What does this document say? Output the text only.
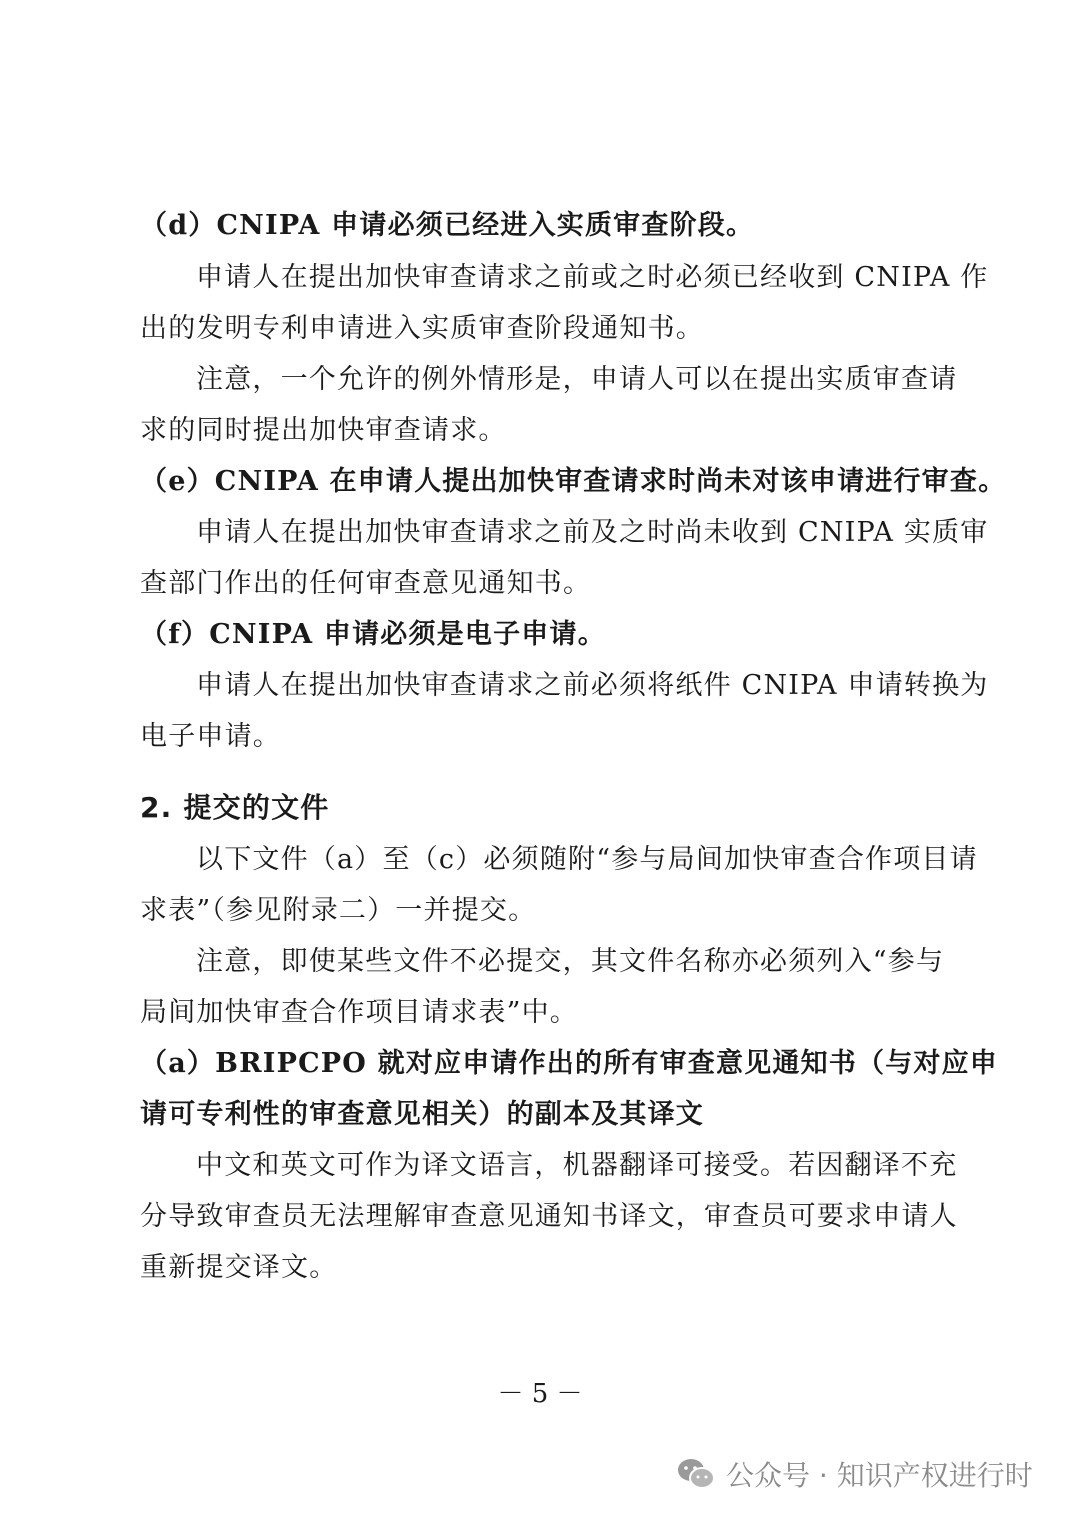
（d）CNIPA 申请必须已经进入实质审查阶段。
申请人在提出加快审查请求之前或之时必须已经收到 CNIPA 作
出的发明专利申请进入实质审查阶段通知书。
注意，一个允许的例外情形是，申请人可以在提出实质审查请
求的同时提出加快审查请求。
（e）CNIPA 在申请人提出加快审查请求时尚未对该申请进行审查。
申请人在提出加快审查请求之前及之时尚未收到 CNIPA 实质审
查部门作出的任何审查意见通知书。
（f）CNIPA 申请必须是电子申请。
申请人在提出加快审查请求之前必须将纸件 CNIPA 申请转换为
电子申请。
2. 提交的文件
以下文件（a）至（c）必须随附“参与局间加快审查合作项目请
求表”（参见附录二）一并提交。
注意，即使某些文件不必提交，其文件名称亦必须列入“参与
局间加快审查合作项目请求表”中。
（a）BRIPCPO 就对应申请作出的所有审查意见通知书（与对应申
请可专利性的审查意见相关）的副本及其译文
中文和英文可作为译文语言，机器翻译可接受。若因翻译不充
分导致审查员无法理解审查意见通知书译文，审查员可要求申请人
重新提交译文。
－ 5 －
公众号 · 知识产权进行时
